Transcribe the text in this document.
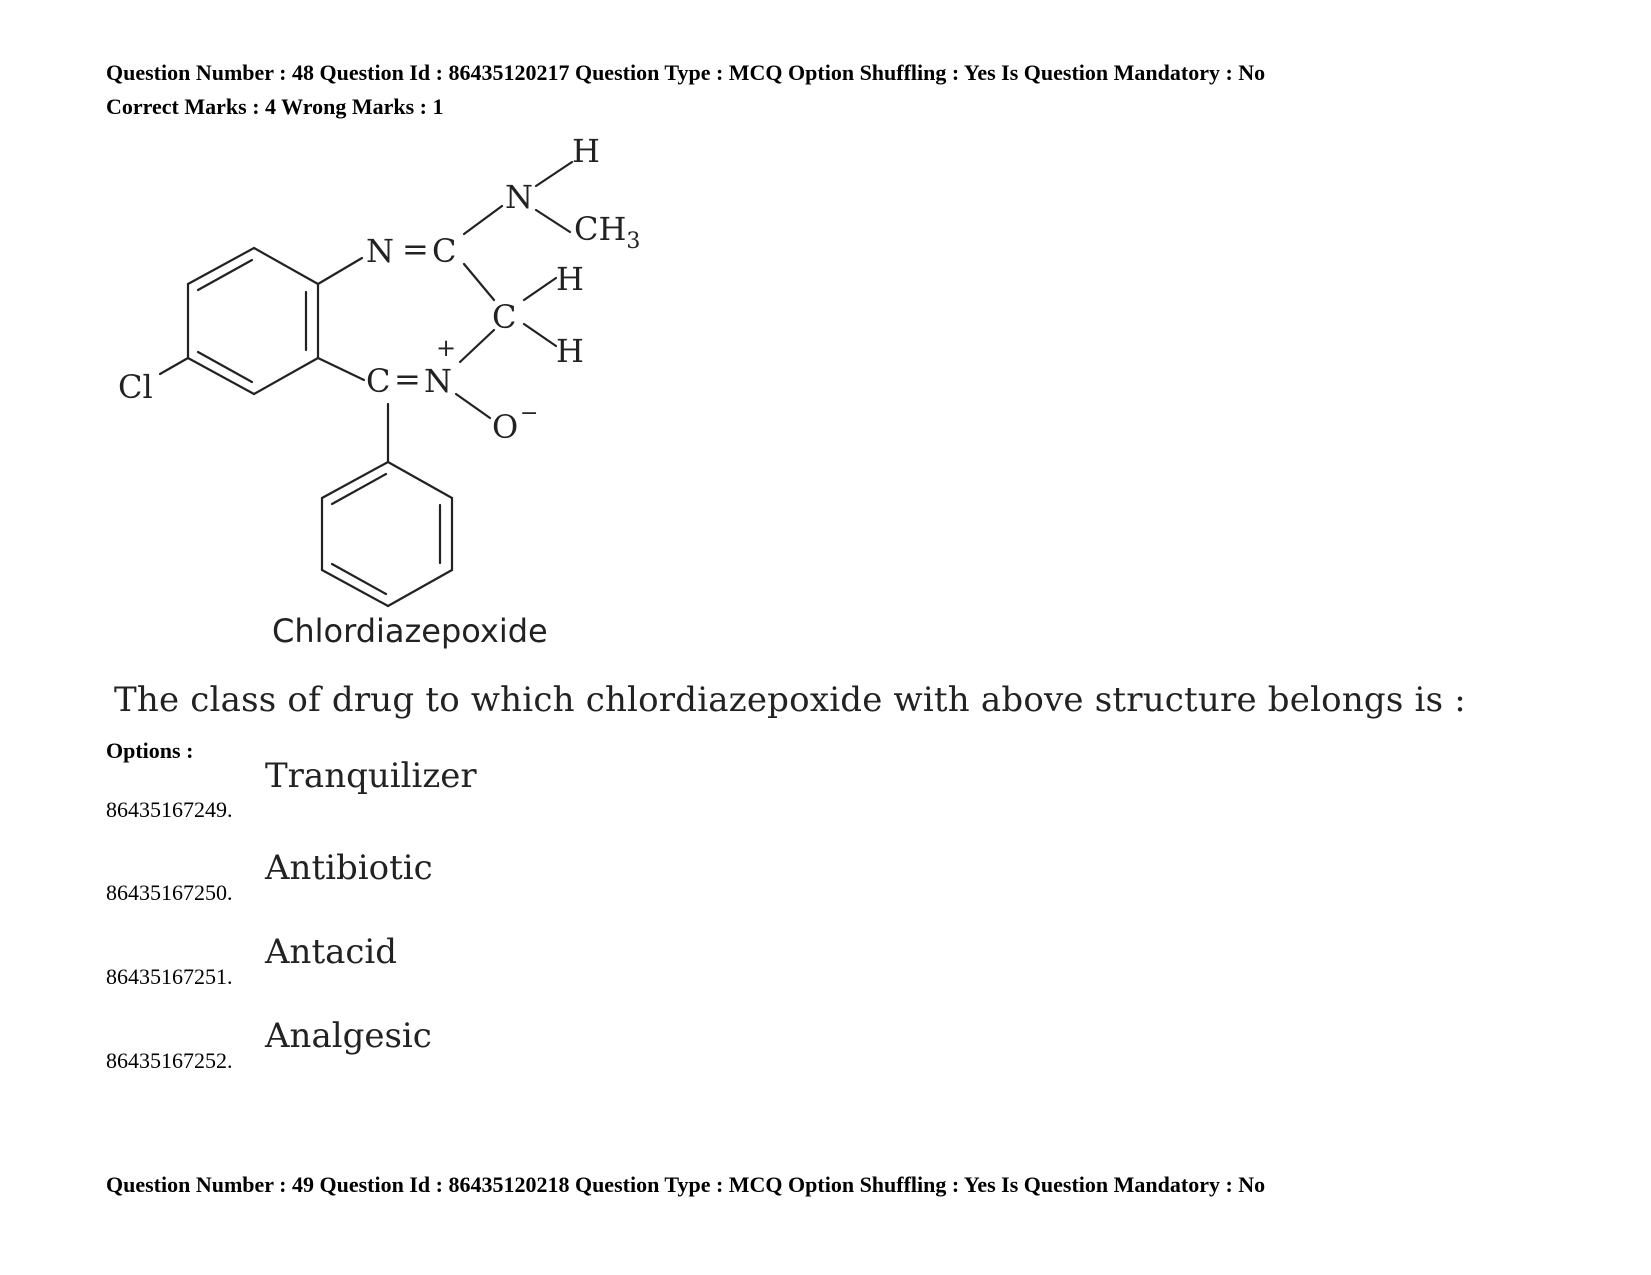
Question Number : 48 Question Id : 86435120217 Question Type : MCQ Option Shuffling : Yes Is Question Mandatory : No
Correct Marks : 4 Wrong Marks : 1
H
N
$CH_3$
N = C
H
C
H
+
C = N
O −
Cl
Chlordiazepoxide
The class of drug to which chlordiazepoxide with above structure belongs is :
Options :
86435167249.
Tranquilizer
86435167250.
Antibiotic
86435167251.
Antacid
86435167252.
Analgesic
Question Number : 49 Question Id : 86435120218 Question Type : MCQ Option Shuffling : Yes Is Question Mandatory : No
